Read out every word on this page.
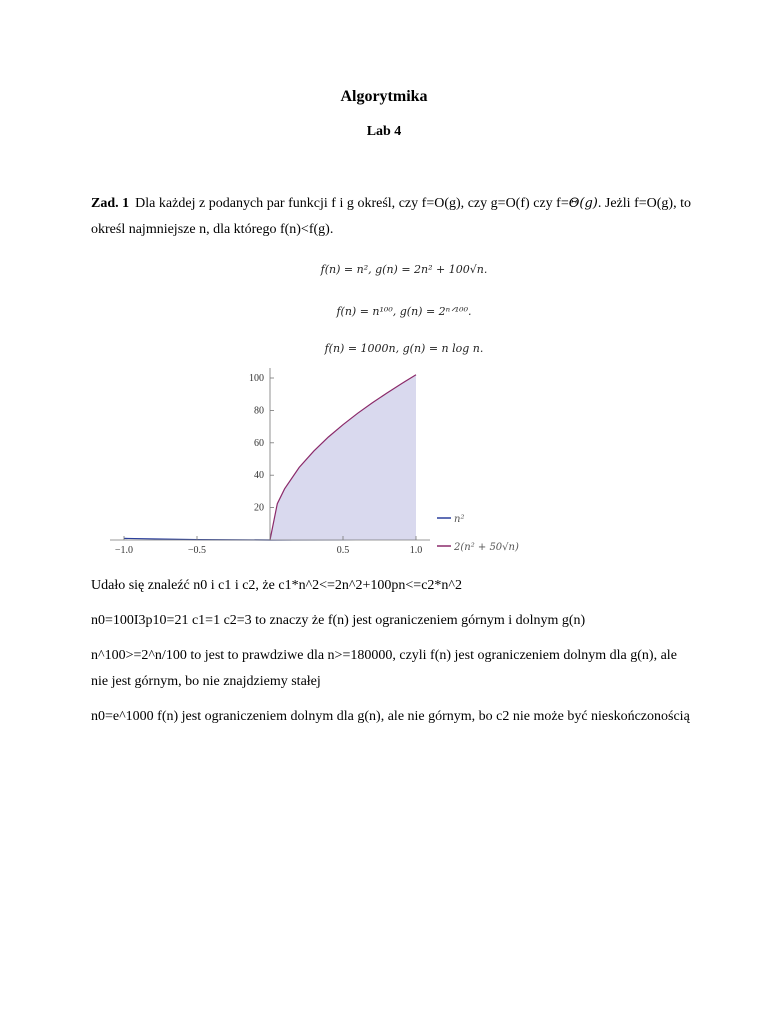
Algorytmika
Lab 4
Zad. 1 Dla każdej z podanych par funkcji f i g określ, czy f=O(g), czy g=O(f) czy f=Θ(g). Jeżli f=O(g), to określ najmniejsze n, dla którego f(n)<f(g).
f(n) = n², g(n) = 2n² + 100√n.
f(n) = n¹⁰⁰, g(n) = 2ⁿᐟ¹⁰⁰.
f(n) = 1000n, g(n) = n log n.
−1.0	−0.5	0.5	1.0
20
40
60
80
100
n²
2(n² + 50√n)
Udało się znaleźć n0 i c1 i c2, że c1*n^2<=2n^2+100pn<=c2*n^2
n0=100I3p10=21 c1=1 c2=3 to znaczy że f(n) jest ograniczeniem górnym i dolnym g(n)
n^100>=2^n/100 to jest to prawdziwe dla n>=180000, czyli f(n) jest ograniczeniem dolnym dla g(n), ale nie jest górnym, bo nie znajdziemy stałej
n0=e^1000 f(n) jest ograniczeniem dolnym dla g(n), ale nie górnym, bo c2 nie może być nieskończonością
